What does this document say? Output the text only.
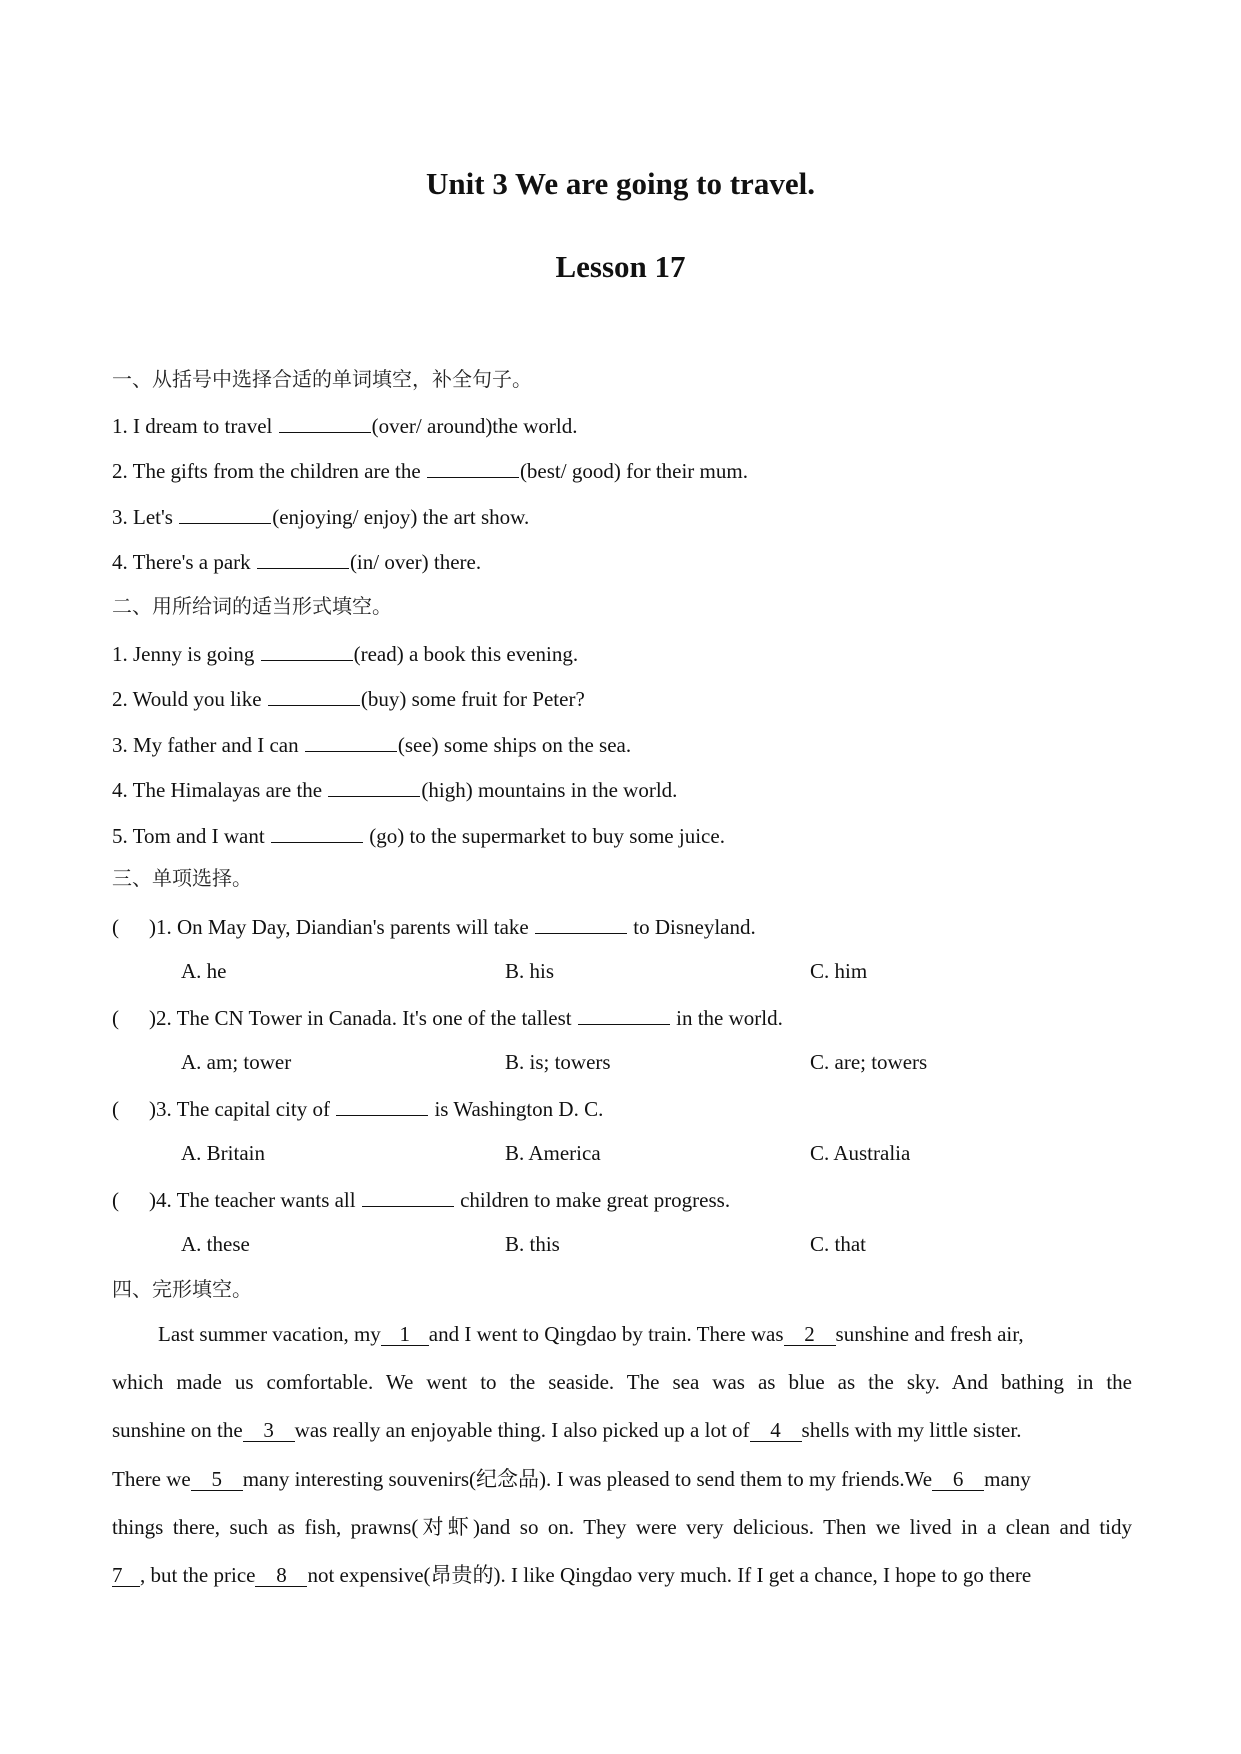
Unit 3 We are going to travel.
Lesson 17
一、从括号中选择合适的单词填空，补全句子。
1. I dream to travel	(over/ around)the world.
2. The gifts from the children are the	(best/ good) for their mum.
3. Let's	(enjoying/ enjoy) the art show.
4. There's a park	(in/ over) there.
二、用所给词的适当形式填空。
1. Jenny is going	(read) a book this evening.
2. Would you like	(buy) some fruit for Peter?
3. My father and I can	(see) some ships on the sea.
4. The Himalayas are the	(high) mountains in the world.
5. Tom and I want	(go) to the supermarket to buy some juice.
三、单项选择。
( )1. On May Day, Diandian's parents will take	to Disneyland.
A. he	B. his	C. him
( )2. The CN Tower in Canada. It's one of the tallest	in the world.
A. am; tower	B. is; towers	C. are; towers
( )3. The capital city of	is Washington D. C.
A. Britain	B. America	C. Australia
( )4. The teacher wants all	children to make great progress.
A. these	B. this	C. that
四、完形填空。
Last summer vacation, my 1 and I went to Qingdao by train. There was 2 sunshine and fresh air,
which made us comfortable. We went to the seaside. The sea was as blue as the sky. And bathing in the
sunshine on the 3 was really an enjoyable thing. I also picked up a lot of 4 shells with my little sister.
There we 5 many interesting souvenirs(纪念品). I was pleased to send them to my friends.We 6 many
things there, such as fish, prawns(对虾)and so on. They were very delicious. Then we lived in a clean and tidy
7 , but the price 8 not expensive(昂贵的). I like Qingdao very much. If I get a chance, I hope to go there
